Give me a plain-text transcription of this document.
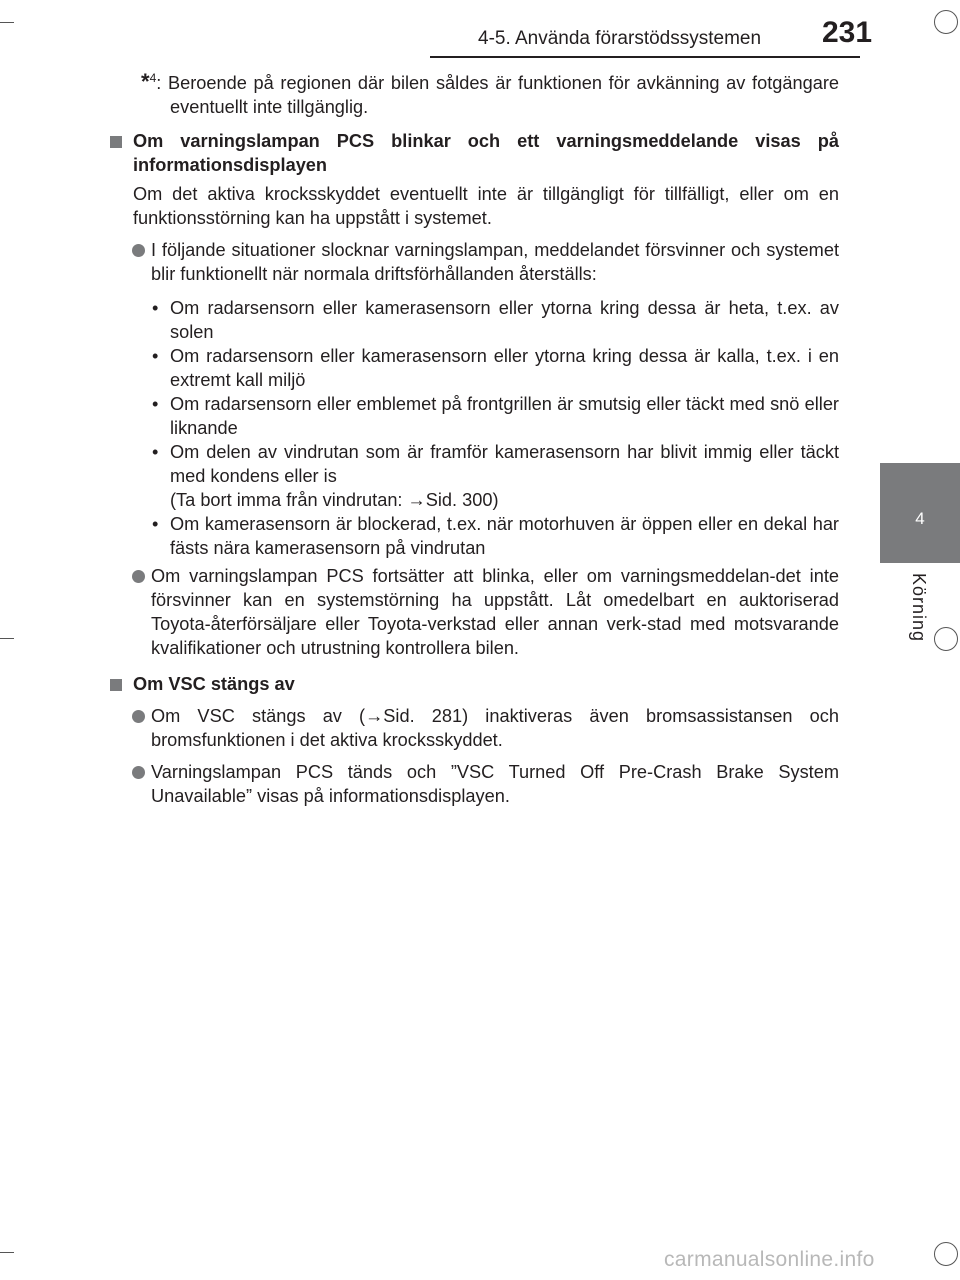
4-5. Använda förarstödssystemen 231
4
Körning
*$^4$: Beroende på regionen där bilen såldes är funktionen för avkänning av fotgängare eventuellt inte tillgänglig.
Om varningslampan PCS blinkar och ett varningsmeddelande visas på informationsdisplayen
Om det aktiva krocksskyddet eventuellt inte är tillgängligt för tillfälligt, eller om en funktionsstörning kan ha uppstått i systemet.
I följande situationer slocknar varningslampan, meddelandet försvinner och systemet blir funktionellt när normala driftsförhållanden återställs:
• Om radarsensorn eller kamerasensorn eller ytorna kring dessa är heta, t.ex. av solen
• Om radarsensorn eller kamerasensorn eller ytorna kring dessa är kalla, t.ex. i en extremt kall miljö
• Om radarsensorn eller emblemet på frontgrillen är smutsig eller täckt med snö eller liknande
• Om delen av vindrutan som är framför kamerasensorn har blivit immig eller täckt med kondens eller is
(Ta bort imma från vindrutan: →Sid. 300)
• Om kamerasensorn är blockerad, t.ex. när motorhuven är öppen eller en dekal har fästs nära kamerasensorn på vindrutan
Om varningslampan PCS fortsätter att blinka, eller om varningsmeddelan-det inte försvinner kan en systemstörning ha uppstått. Låt omedelbart en auktoriserad Toyota-återförsäljare eller Toyota-verkstad eller annan verk-stad med motsvarande kvalifikationer och utrustning kontrollera bilen.
Om VSC stängs av
Om VSC stängs av (→Sid. 281) inaktiveras även bromsassistansen och bromsfunktionen i det aktiva krocksskyddet.
Varningslampan PCS tänds och ”VSC Turned Off Pre-Crash Brake System Unavailable” visas på informationsdisplayen.
carmanualsonline.info
